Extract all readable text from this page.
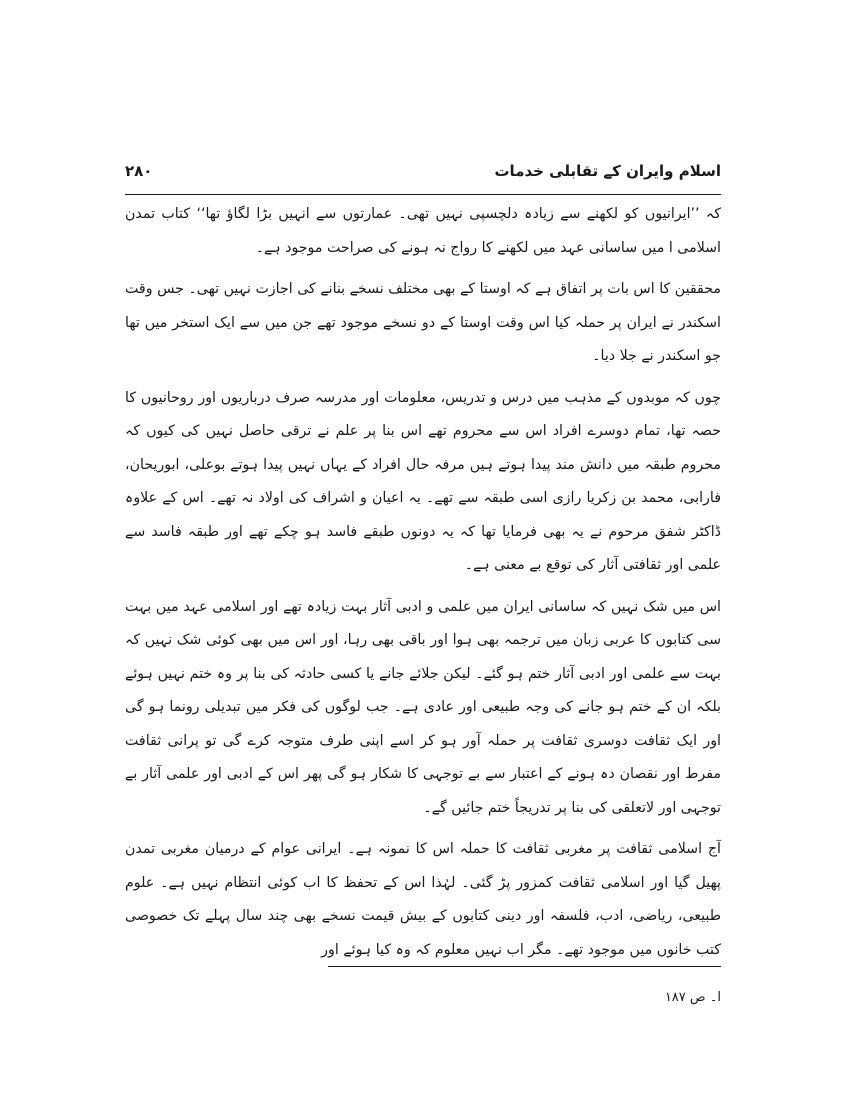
اسلام وایران کے تقابلی خدمات
۲۸۰

کہ ’’ایرانیوں کو لکھنے سے زیادہ دلچسپی نہیں تھی۔ عمارتوں سے انہیں بڑا لگاؤ تھا‘‘ کتاب تمدن اسلامی ا میں ساسانی عہد میں لکھنے کا رواج نہ ہونے کی صراحت موجود ہے۔

محققین کا اس بات پر اتفاق ہے کہ اوستا کے بھی مختلف نسخے بنانے کی اجازت نہیں تھی۔ جس وقت اسکندر نے ایران پر حملہ کیا اس وقت اوستا کے دو نسخے موجود تھے جن میں سے ایک استخر میں تھا جو اسکندر نے جلا دیا۔

چوں کہ موبدوں کے مذہب میں درس و تدریس، معلومات اور مدرسہ صرف درباریوں اور روحانیوں کا حصہ تھا، تمام دوسرے افراد اس سے محروم تھے اس بنا پر علم نے ترقی حاصل نہیں کی کیوں کہ محروم طبقہ میں دانش مند پیدا ہوتے ہیں مرفہ حال افراد کے یہاں نہیں پیدا ہوتے بوعلی، ابوریحان، فارابی، محمد بن زکریا رازی اسی طبقہ سے تھے۔ یہ اعیان و اشراف کی اولاد نہ تھے۔ اس کے علاوہ ڈاکٹر شفق مرحوم نے یہ بھی فرمایا تھا کہ یہ دونوں طبقے فاسد ہو چکے تھے اور طبقہ فاسد سے علمی اور ثقافتی آثار کی توقع بے معنی ہے۔

اس میں شک نہیں کہ ساسانی ایران میں علمی و ادبی آثار بہت زیادہ تھے اور اسلامی عہد میں بہت سی کتابوں کا عربی زبان میں ترجمہ بھی ہوا اور باقی بھی رہا، اور اس میں بھی کوئی شک نہیں کہ بہت سے علمی اور ادبی آثار ختم ہو گئے۔ لیکن جلائے جانے یا کسی حادثہ کی بنا پر وہ ختم نہیں ہوئے بلکہ ان کے ختم ہو جانے کی وجہ طبیعی اور عادی ہے۔ جب لوگوں کی فکر میں تبدیلی رونما ہو گی اور ایک ثقافت دوسری ثقافت پر حملہ آور ہو کر اسے اپنی طرف متوجہ کرے گی تو پرانی ثقافت مفرط اور نقصان دہ ہونے کے اعتبار سے بے توجہی کا شکار ہو گی پھر اس کے ادبی اور علمی آثار بے توجہی اور لاتعلقی کی بنا پر تدریجاً ختم جائیں گے۔

آج اسلامی ثقافت پر مغربی ثقافت کا حملہ اس کا نمونہ ہے۔ ایرانی عوام کے درمیان مغربی تمدن پھیل گیا اور اسلامی ثقافت کمزور پڑ گئی۔ لہٰذا اس کے تحفظ کا اب کوئی انتظام نہیں ہے۔ علوم طبیعی، ریاضی، ادب، فلسفہ اور دینی کتابوں کے بیش قیمت نسخے بھی چند سال پہلے تک خصوصی کتب خانوں میں موجود تھے۔ مگر اب نہیں معلوم کہ وہ کیا ہوئے اور

ا۔ ص ۱۸۷
